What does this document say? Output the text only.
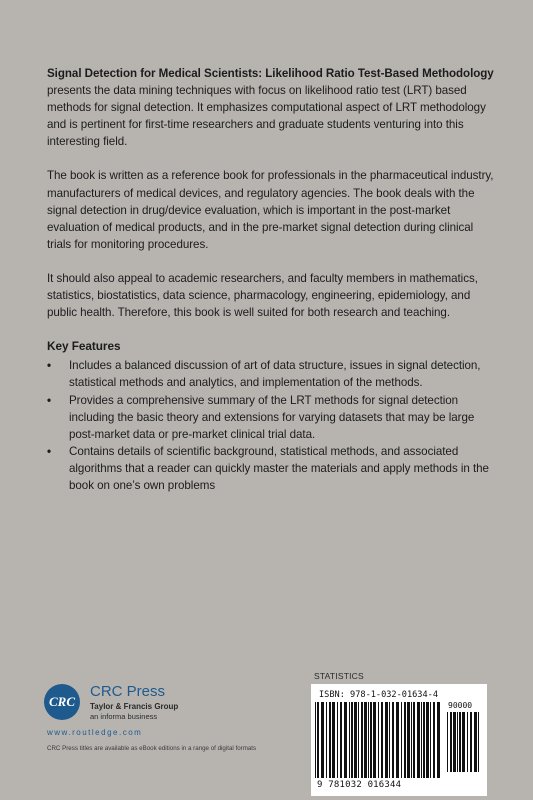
Signal Detection for Medical Scientists: Likelihood Ratio Test-Based Methodology presents the data mining techniques with focus on likelihood ratio test (LRT) based methods for signal detection. It emphasizes computational aspect of LRT methodology and is pertinent for first-time researchers and graduate students venturing into this interesting field.

The book is written as a reference book for professionals in the pharmaceutical industry, manufacturers of medical devices, and regulatory agencies. The book deals with the signal detection in drug/device evaluation, which is important in the post-market evaluation of medical products, and in the pre-market signal detection during clinical trials for monitoring procedures.

It should also appeal to academic researchers, and faculty members in mathematics, statistics, biostatistics, data science, pharmacology, engineering, epidemiology, and public health. Therefore, this book is well suited for both research and teaching.

Key Features
• Includes a balanced discussion of art of data structure, issues in signal detection, statistical methods and analytics, and implementation of the methods.
• Provides a comprehensive summary of the LRT methods for signal detection including the basic theory and extensions for varying datasets that may be large post-market data or pre-market clinical trial data.
• Contains details of scientific background, statistical methods, and associated algorithms that a reader can quickly master the materials and apply methods in the book on one’s own problems
CRC
CRC Press
Taylor & Francis Group
an informa business
www.routledge.com
CRC Press titles are available as eBook editions in a range of digital formats
STATISTICS
ISBN: 978-1-032-01634-4
90000
9 781032 016344
